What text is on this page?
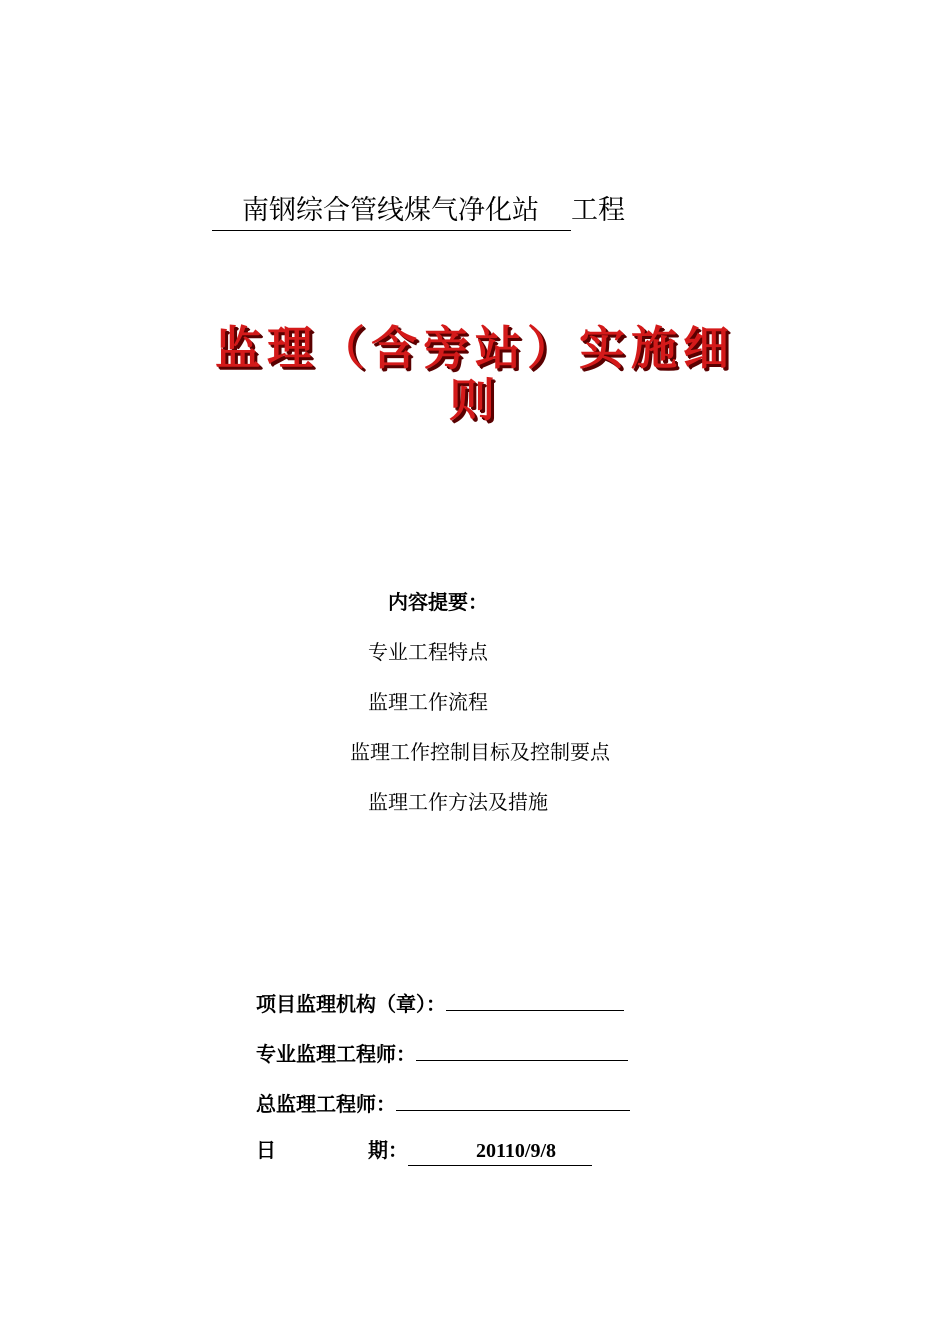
南钢综合管线煤气净化站 工程
监理（含旁站）实施细
则
内容提要：
专业工程特点
监理工作流程
监理工作控制目标及控制要点
监理工作方法及措施
项目监理机构（章）：
专业监理工程师：
总监理工程师：
日	期：	20110/9/8
